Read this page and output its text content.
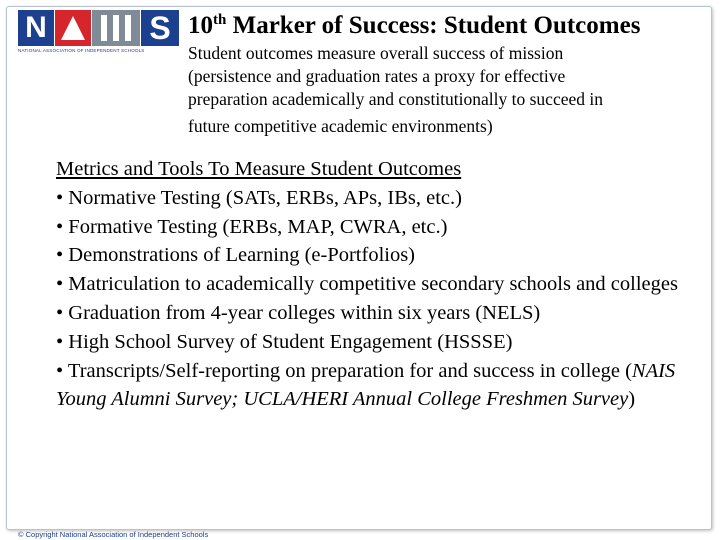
N	S
NATIONAL ASSOCIATION OF INDEPENDENT SCHOOLS
10th Marker of Success: Student Outcomes
Student outcomes measure overall success of mission
(persistence and graduation rates a proxy for effective
preparation academically and constitutionally to succeed in
future competitive academic environments)

Metrics and Tools To Measure Student Outcomes

• Normative Testing (SATs, ERBs, APs, IBs, etc.)

• Formative Testing (ERBs, MAP, CWRA, etc.)

• Demonstrations of Learning (e-Portfolios)

• Matriculation to academically competitive secondary schools and colleges

• Graduation from 4-year colleges within six years (NELS)

• High School Survey of Student Engagement (HSSSE)

• Transcripts/Self-reporting on preparation for and success in college (NAIS Young Alumni Survey; UCLA/HERI Annual College Freshmen Survey)

© Copyright National Association of Independent Schools
